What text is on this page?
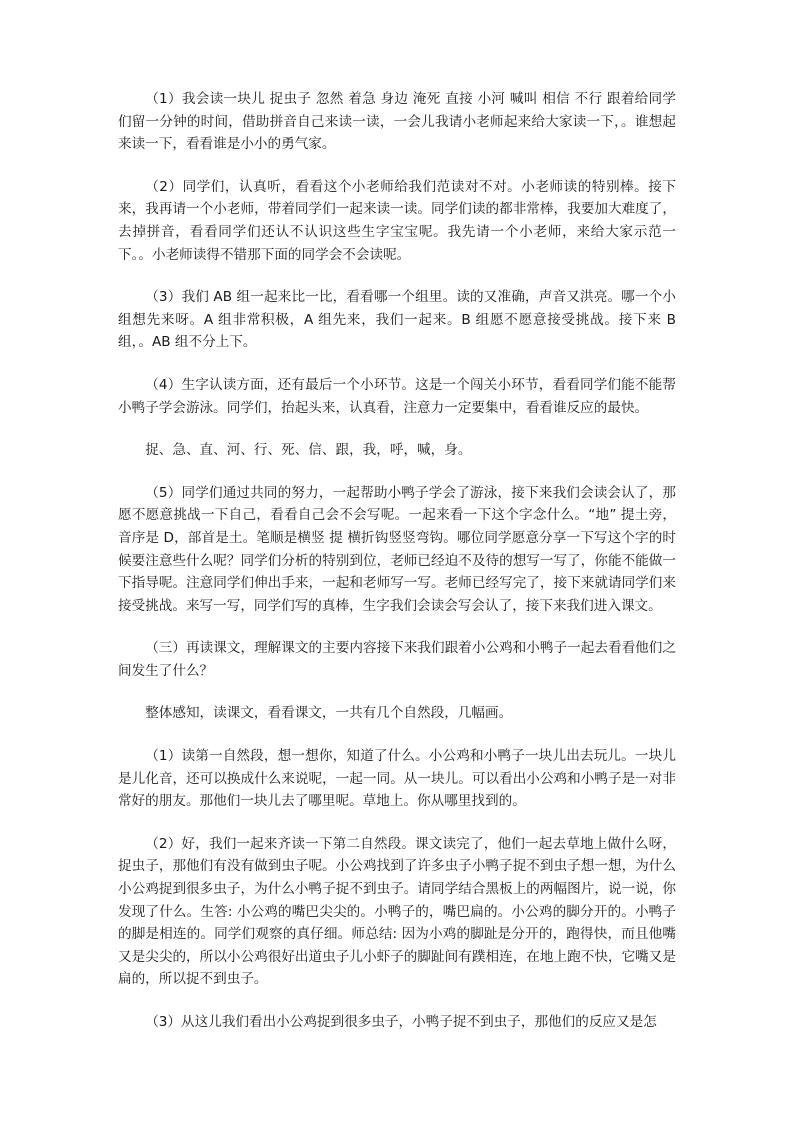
（1）我会读一块儿 捉虫子 忽然 着急 身边 淹死 直接 小河 喊叫 相信 不行 跟着给同学们留一分钟的时间，借助拼音自己来读一读，一会儿我请小老师起来给大家读一下，。谁想起来读一下，看看谁是小小的勇气家。

（2）同学们，认真听，看看这个小老师给我们范读对不对。小老师读的特别棒。接下来，我再请一个小老师，带着同学们一起来读一读。同学们读的都非常棒，我要加大难度了，去掉拼音，看看同学们还认不认识这些生字宝宝呢。我先请一个小老师，来给大家示范一下。。小老师读得不错那下面的同学会不会读呢。

（3）我们 AB 组一起来比一比，看看哪一个组里。读的又准确，声音又洪亮。哪一个小组想先来呀。A 组非常积极，A 组先来，我们一起来。B 组愿不愿意接受挑战。接下来 B 组，。AB 组不分上下。

（4）生字认读方面，还有最后一个小环节。这是一个闯关小环节，看看同学们能不能帮小鸭子学会游泳。同学们，抬起头来，认真看，注意力一定要集中，看看谁反应的最快。

捉、急、直、河、行、死、信、跟，我，呼，喊，身。

（5）同学们通过共同的努力，一起帮助小鸭子学会了游泳，接下来我们会读会认了，那愿不愿意挑战一下自己，看看自己会不会写呢。一起来看一下这个字念什么。“地” 提土旁，音序是 D，部首是土。笔顺是横竖 提 横折钩竖竖弯钩。哪位同学愿意分享一下写这个字的时候要注意些什么呢？同学们分析的特别到位，老师已经迫不及待的想写一写了，你能不能做一下指导呢。注意同学们伸出手来，一起和老师写一写。老师已经写完了，接下来就请同学们来接受挑战。来写一写，同学们写的真棒，生字我们会读会写会认了，接下来我们进入课文。

（三）再读课文，理解课文的主要内容接下来我们跟着小公鸡和小鸭子一起去看看他们之间发生了什么？

整体感知，读课文，看看课文，一共有几个自然段，几幅画。

（1）读第一自然段，想一想你，知道了什么。小公鸡和小鸭子一块儿出去玩儿。一块儿是儿化音，还可以换成什么来说呢，一起一同。从一块儿。可以看出小公鸡和小鸭子是一对非常好的朋友。那他们一块儿去了哪里呢。草地上。你从哪里找到的。

（2）好，我们一起来齐读一下第二自然段。课文读完了，他们一起去草地上做什么呀，捉虫子，那他们有没有做到虫子呢。小公鸡找到了许多虫子小鸭子捉不到虫子想一想，为什么小公鸡捉到很多虫子，为什么小鸭子捉不到虫子。请同学结合黑板上的两幅图片，说一说，你发现了什么。生答: 小公鸡的嘴巴尖尖的。小鸭子的，嘴巴扁的。小公鸡的脚分开的。小鸭子的脚是相连的。同学们观察的真仔细。师总结: 因为小鸡的脚趾是分开的，跑得快，而且他嘴又是尖尖的，所以小公鸡很好出道虫子儿小虾子的脚趾间有蹼相连，在地上跑不快，它嘴又是扁的，所以捉不到虫子。

（3）从这儿我们看出小公鸡捉到很多虫子，小鸭子捉不到虫子，那他们的反应又是怎
